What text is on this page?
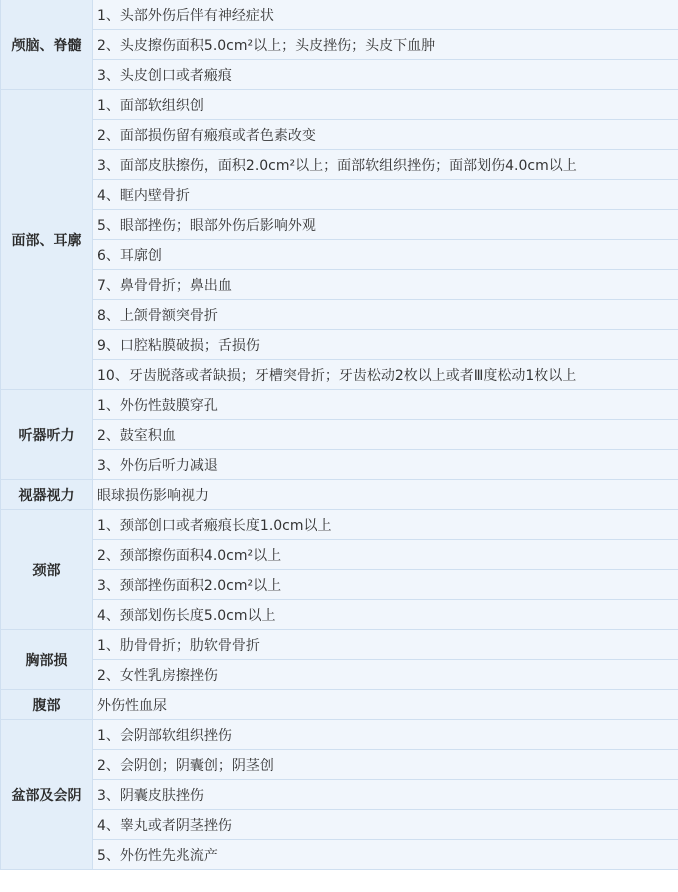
颅脑、脊髓	1、头部外伤后伴有神经症状
	2、头皮擦伤面积5.0cm²以上；头皮挫伤；头皮下血肿
	3、头皮创口或者瘢痕
面部、耳廓	1、面部软组织创
	2、面部损伤留有瘢痕或者色素改变
	3、面部皮肤擦伤，面积2.0cm²以上；面部软组织挫伤；面部划伤4.0cm以上
	4、眶内壁骨折
	5、眼部挫伤；眼部外伤后影响外观
	6、耳廓创
	7、鼻骨骨折；鼻出血
	8、上颌骨额突骨折
	9、口腔粘膜破损；舌损伤
	10、牙齿脱落或者缺损；牙槽突骨折；牙齿松动2枚以上或者Ⅲ度松动1枚以上
听器听力	1、外伤性鼓膜穿孔
	2、鼓室积血
	3、外伤后听力减退
视器视力	眼球损伤影响视力
颈部	1、颈部创口或者瘢痕长度1.0cm以上
	2、颈部擦伤面积4.0cm²以上
	3、颈部挫伤面积2.0cm²以上
	4、颈部划伤长度5.0cm以上
胸部损	1、肋骨骨折；肋软骨骨折
	2、女性乳房擦挫伤
腹部	外伤性血尿
盆部及会阴	1、会阴部软组织挫伤
	2、会阴创；阴囊创；阴茎创
	3、阴囊皮肤挫伤
	4、睾丸或者阴茎挫伤
	5、外伤性先兆流产
